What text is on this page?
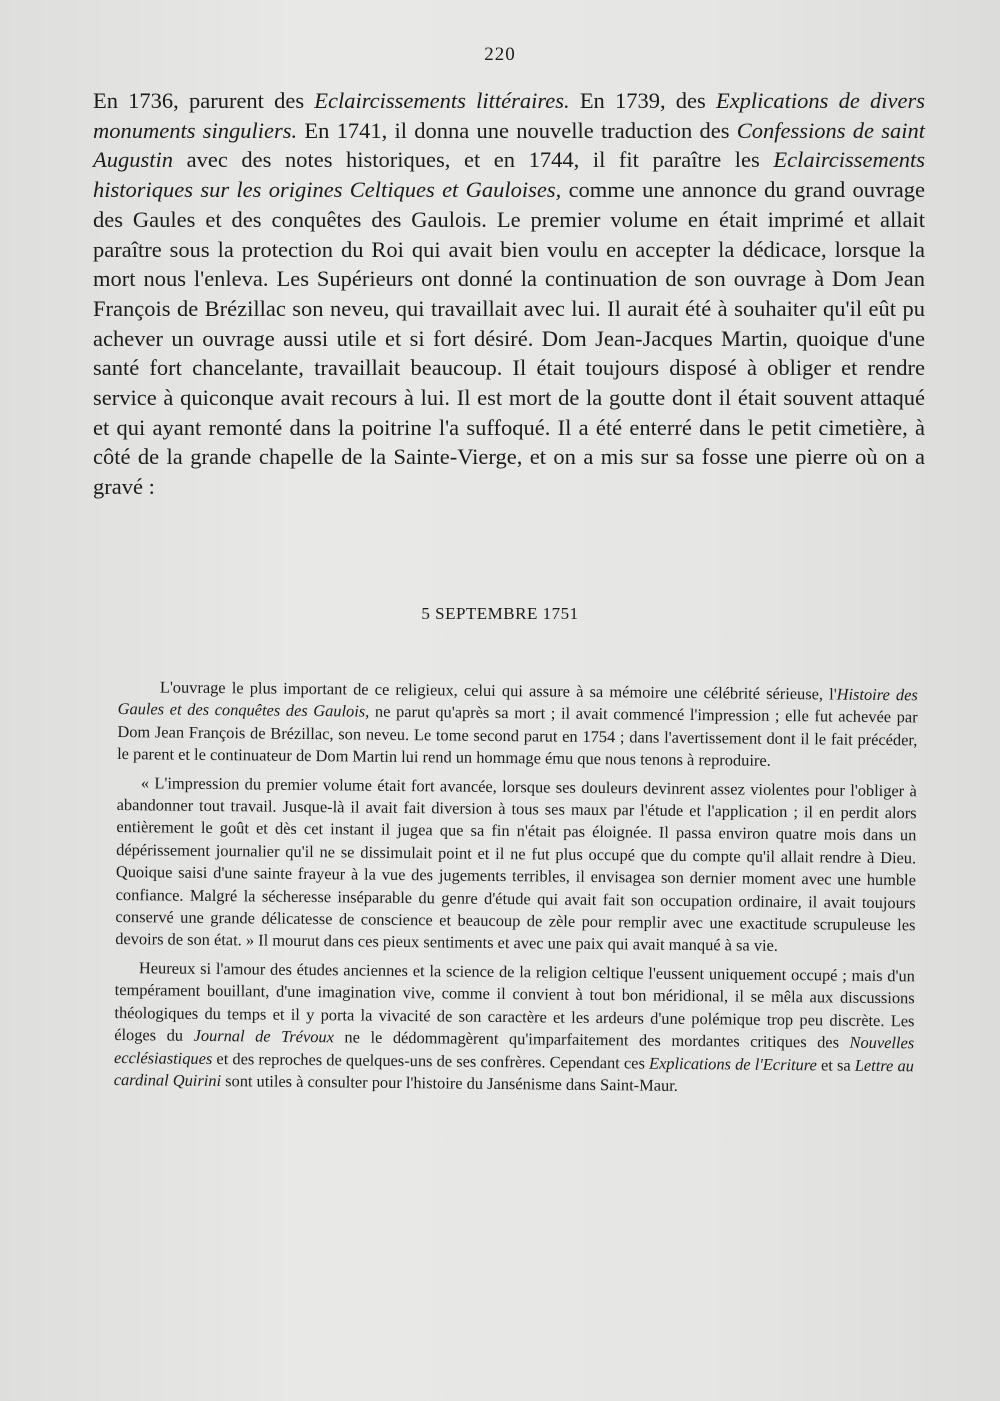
220

En 1736, parurent des Eclaircissements littéraires. En 1739, des Explications de divers monuments singuliers. En 1741, il donna une nouvelle traduction des Confessions de saint Augustin avec des notes historiques, et en 1744, il fit paraître les Eclaircissements historiques sur les origines Celtiques et Gauloises, comme une annonce du grand ouvrage des Gaules et des conquêtes des Gaulois. Le premier volume en était imprimé et allait paraître sous la protection du Roi qui avait bien voulu en accepter la dédicace, lorsque la mort nous l'enleva. Les Supérieurs ont donné la continuation de son ouvrage à Dom Jean François de Brézillac son neveu, qui travaillait avec lui. Il aurait été à souhaiter qu'il eût pu achever un ouvrage aussi utile et si fort désiré. Dom Jean-Jacques Martin, quoique d'une santé fort chancelante, travaillait beaucoup. Il était toujours disposé à obliger et rendre service à quiconque avait recours à lui. Il est mort de la goutte dont il était souvent attaqué et qui ayant remonté dans la poitrine l'a suffoqué. Il a été enterré dans le petit cimetière, à côté de la grande chapelle de la Sainte-Vierge, et on a mis sur sa fosse une pierre où on a gravé :

5 SEPTEMBRE 1751

L'ouvrage le plus important de ce religieux, celui qui assure à sa mémoire une célébrité sérieuse, l'Histoire des Gaules et des conquêtes des Gaulois, ne parut qu'après sa mort ; il avait commencé l'impression ; elle fut achevée par Dom Jean François de Brézillac, son neveu. Le tome second parut en 1754 ; dans l'avertissement dont il le fait précéder, le parent et le continuateur de Dom Martin lui rend un hommage ému que nous tenons à reproduire.

« L'impression du premier volume était fort avancée, lorsque ses douleurs devinrent assez violentes pour l'obliger à abandonner tout travail. Jusque-là il avait fait diversion à tous ses maux par l'étude et l'application ; il en perdit alors entièrement le goût et dès cet instant il jugea que sa fin n'était pas éloignée. Il passa environ quatre mois dans un dépérissement journalier qu'il ne se dissimulait point et il ne fut plus occupé que du compte qu'il allait rendre à Dieu. Quoique saisi d'une sainte frayeur à la vue des jugements terribles, il envisagea son dernier moment avec une humble confiance. Malgré la sécheresse inséparable du genre d'étude qui avait fait son occupation ordinaire, il avait toujours conservé une grande délicatesse de conscience et beaucoup de zèle pour remplir avec une exactitude scrupuleuse les devoirs de son état. » Il mourut dans ces pieux sentiments et avec une paix qui avait manqué à sa vie.

Heureux si l'amour des études anciennes et la science de la religion celtique l'eussent uniquement occupé ; mais d'un tempérament bouillant, d'une imagination vive, comme il convient à tout bon méridional, il se mêla aux discussions théologiques du temps et il y porta la vivacité de son caractère et les ardeurs d'une polémique trop peu discrète. Les éloges du Journal de Trévoux ne le dédommagèrent qu'imparfaitement des mordantes critiques des Nouvelles ecclésiastiques et des reproches de quelques-uns de ses confrères. Cependant ces Explications de l'Ecriture et sa Lettre au cardinal Quirini sont utiles à consulter pour l'histoire du Jansénisme dans Saint-Maur.
